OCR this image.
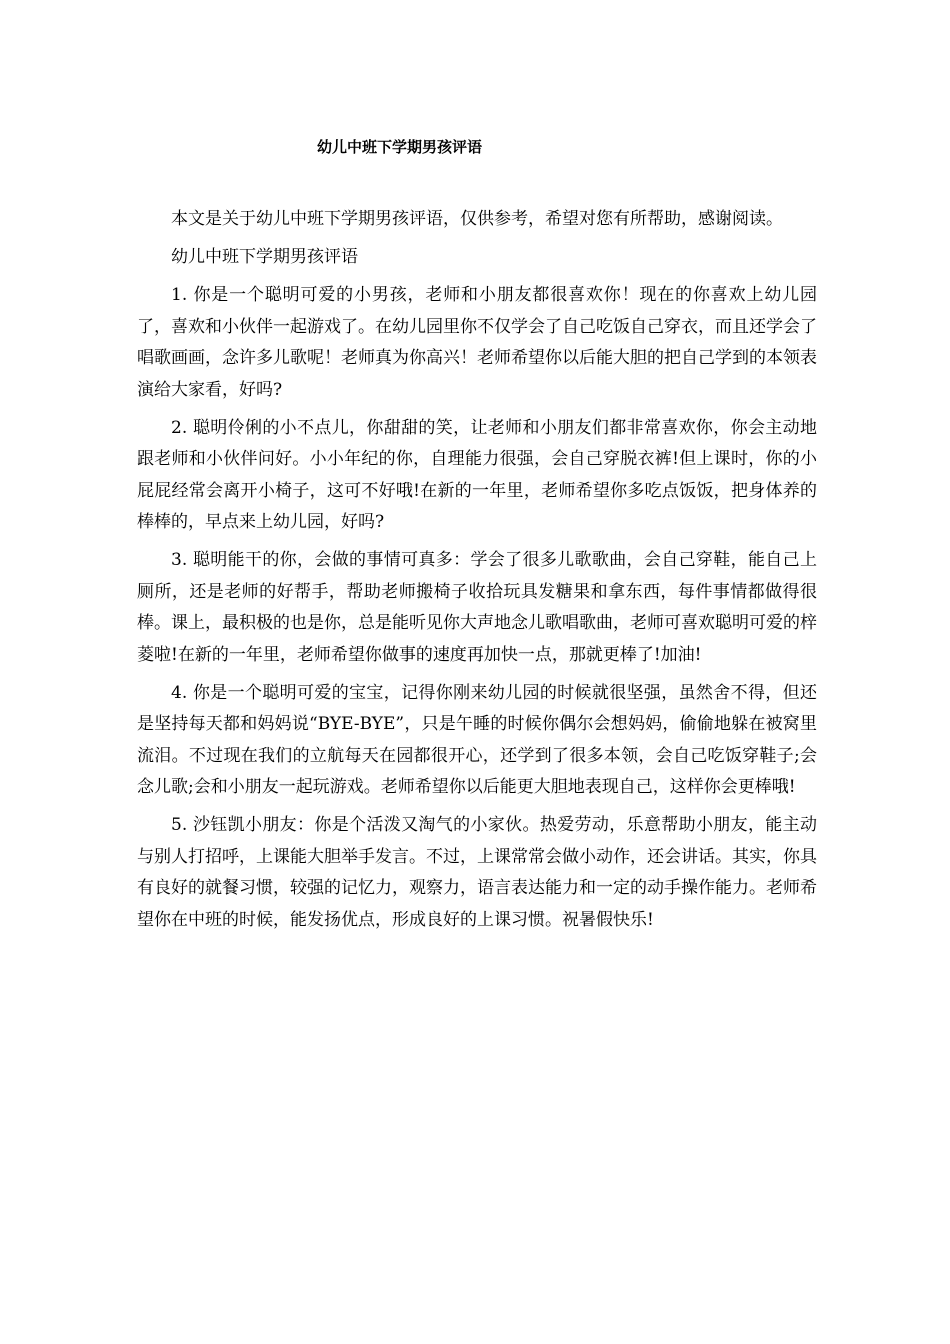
幼儿中班下学期男孩评语

本文是关于幼儿中班下学期男孩评语，仅供参考，希望对您有所帮助，感谢阅读。

幼儿中班下学期男孩评语

1. 你是一个聪明可爱的小男孩，老师和小朋友都很喜欢你！现在的你喜欢上幼儿园了，喜欢和小伙伴一起游戏了。在幼儿园里你不仅学会了自己吃饭自己穿衣，而且还学会了唱歌画画，念许多儿歌呢！老师真为你高兴！老师希望你以后能大胆的把自己学到的本领表演给大家看，好吗?

2. 聪明伶俐的小不点儿，你甜甜的笑，让老师和小朋友们都非常喜欢你，你会主动地跟老师和小伙伴问好。小小年纪的你，自理能力很强，会自己穿脱衣裤!但上课时，你的小屁屁经常会离开小椅子，这可不好哦!在新的一年里，老师希望你多吃点饭饭，把身体养的棒棒的，早点来上幼儿园，好吗?

3. 聪明能干的你，会做的事情可真多：学会了很多儿歌歌曲，会自己穿鞋，能自己上厕所，还是老师的好帮手，帮助老师搬椅子收拾玩具发糖果和拿东西，每件事情都做得很棒。课上，最积极的也是你，总是能听见你大声地念儿歌唱歌曲，老师可喜欢聪明可爱的梓菱啦!在新的一年里，老师希望你做事的速度再加快一点，那就更棒了!加油!

4. 你是一个聪明可爱的宝宝，记得你刚来幼儿园的时候就很坚强，虽然舍不得，但还是坚持每天都和妈妈说“BYE-BYE”，只是午睡的时候你偶尔会想妈妈，偷偷地躲在被窝里流泪。不过现在我们的立航每天在园都很开心，还学到了很多本领，会自己吃饭穿鞋子;会念儿歌;会和小朋友一起玩游戏。老师希望你以后能更大胆地表现自己，这样你会更棒哦!

5. 沙钰凯小朋友：你是个活泼又淘气的小家伙。热爱劳动，乐意帮助小朋友，能主动与别人打招呼，上课能大胆举手发言。不过，上课常常会做小动作，还会讲话。其实，你具有良好的就餐习惯，较强的记忆力，观察力，语言表达能力和一定的动手操作能力。老师希望你在中班的时候，能发扬优点，形成良好的上课习惯。祝暑假快乐!
